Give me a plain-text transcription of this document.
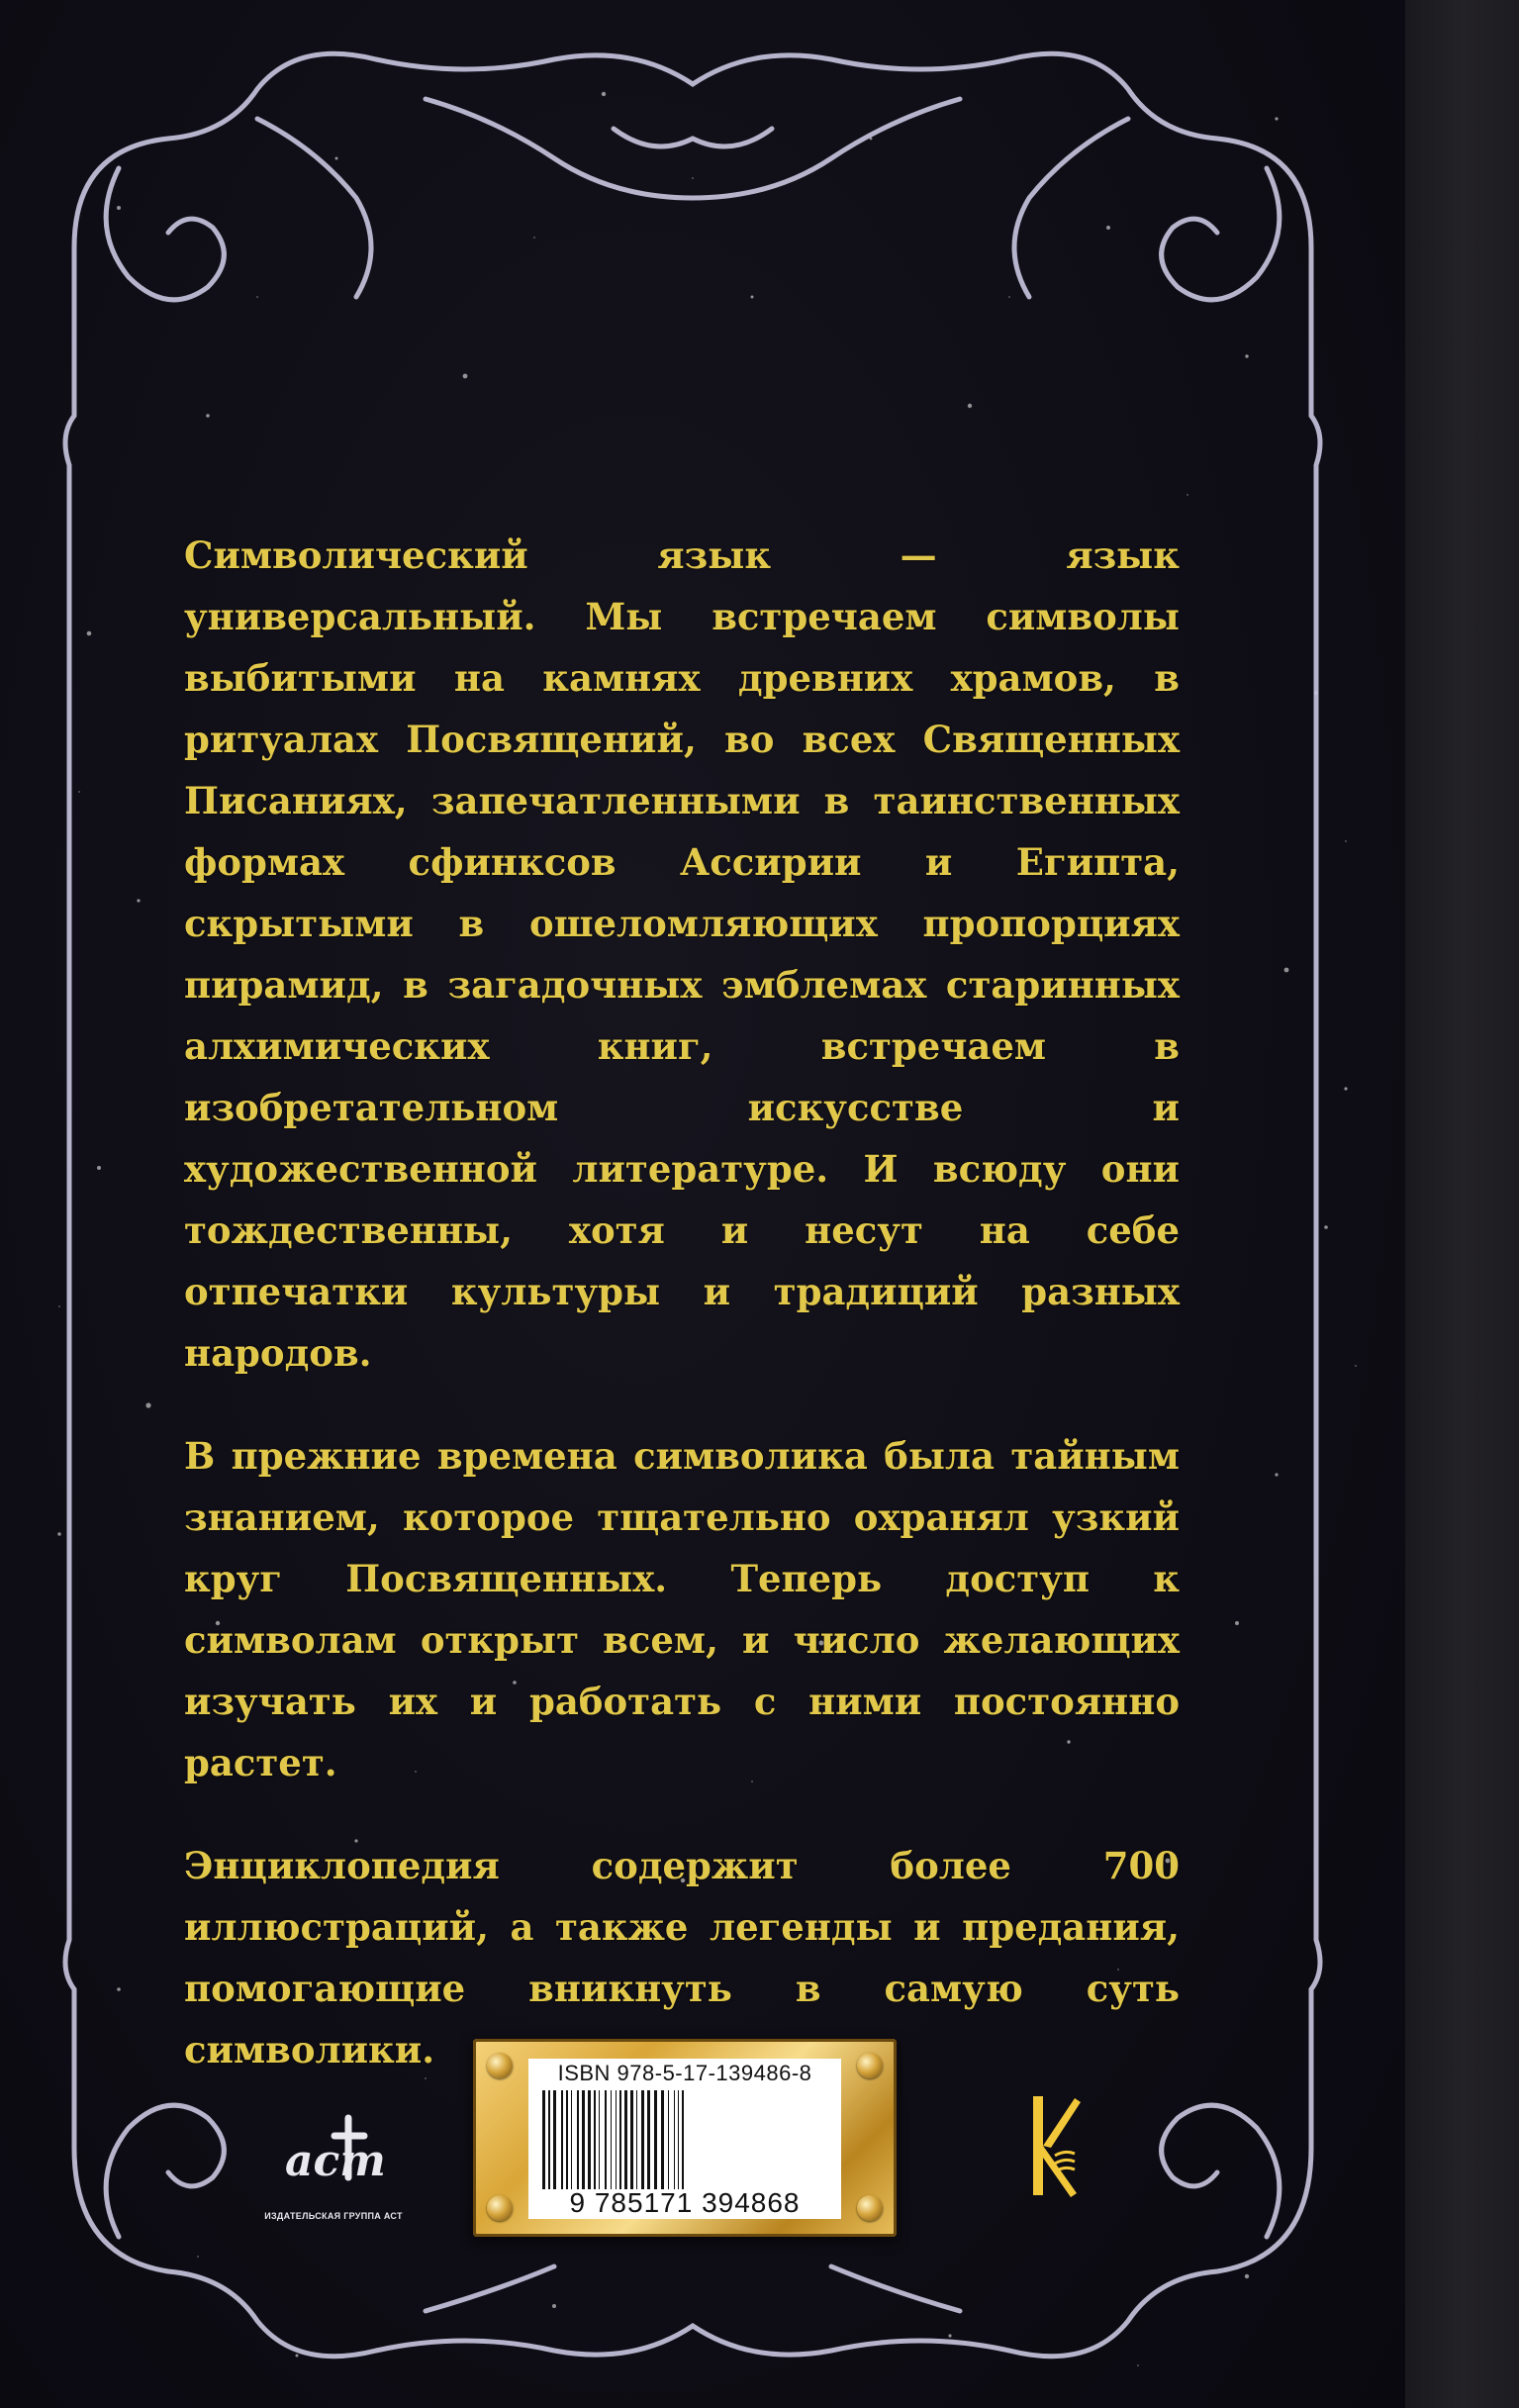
Символический язык — язык универсальный. Мы встречаем символы выбитыми на камнях древних храмов, в ритуалах Посвящений, во всех Священных Писаниях, запечатленными в таинственных формах сфинксов Ассирии и Египта, скрытыми в ошеломляющих пропорциях пирамид, в загадочных эмблемах старинных алхимических книг, встречаем в изобретательном искусстве и художественной литературе. И всюду они тождественны, хотя и несут на себе отпечатки культуры и традиций разных народов.

В прежние времена символика была тайным знанием, которое тщательно охранял узкий круг Посвященных. Теперь доступ к символам открыт всем, и число желающих изучать их и работать с ними постоянно растет.

Энциклопедия содержит более 700 иллюстраций, а также легенды и предания, помогающие вникнуть в самую суть символики.

аст
ИЗДАТЕЛЬСКАЯ ГРУППА АСТ
ISBN 978-5-17-139486-8
9 785171 394868
